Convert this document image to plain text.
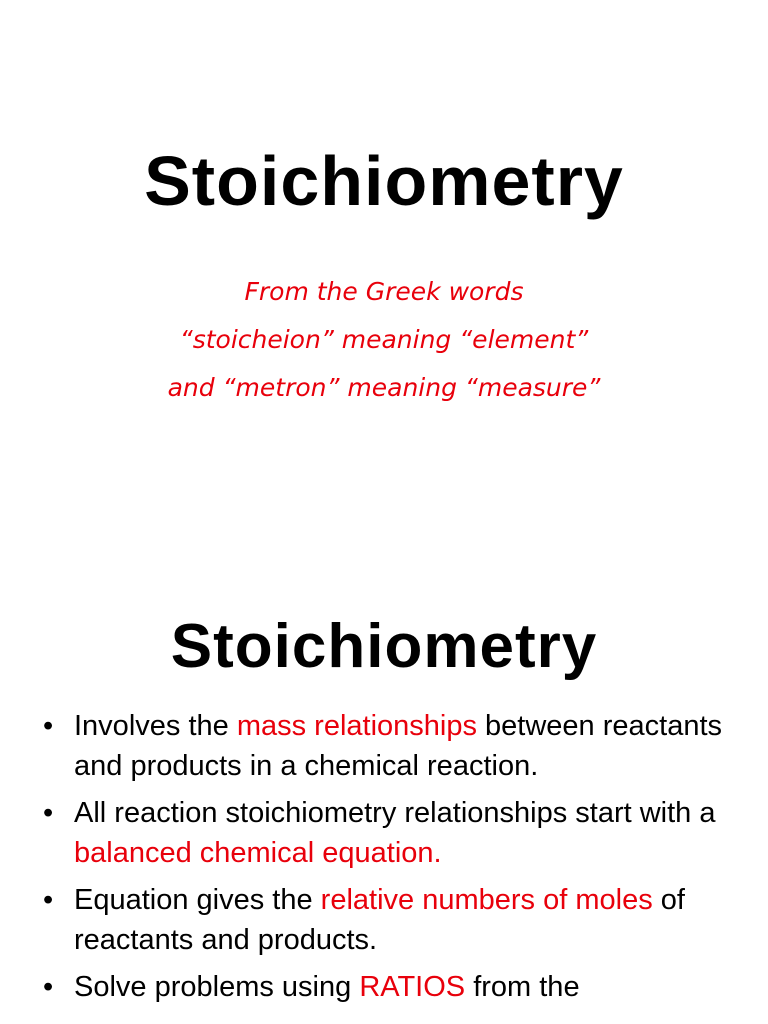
Stoichiometry
From the Greek words
“stoicheion” meaning “element”
and “metron” meaning “measure”
Stoichiometry
• Involves the mass relationships between reactants and products in a chemical reaction.
• All reaction stoichiometry relationships start with a balanced chemical equation.
• Equation gives the relative numbers of moles of reactants and products.
• Solve problems using RATIOS from the
